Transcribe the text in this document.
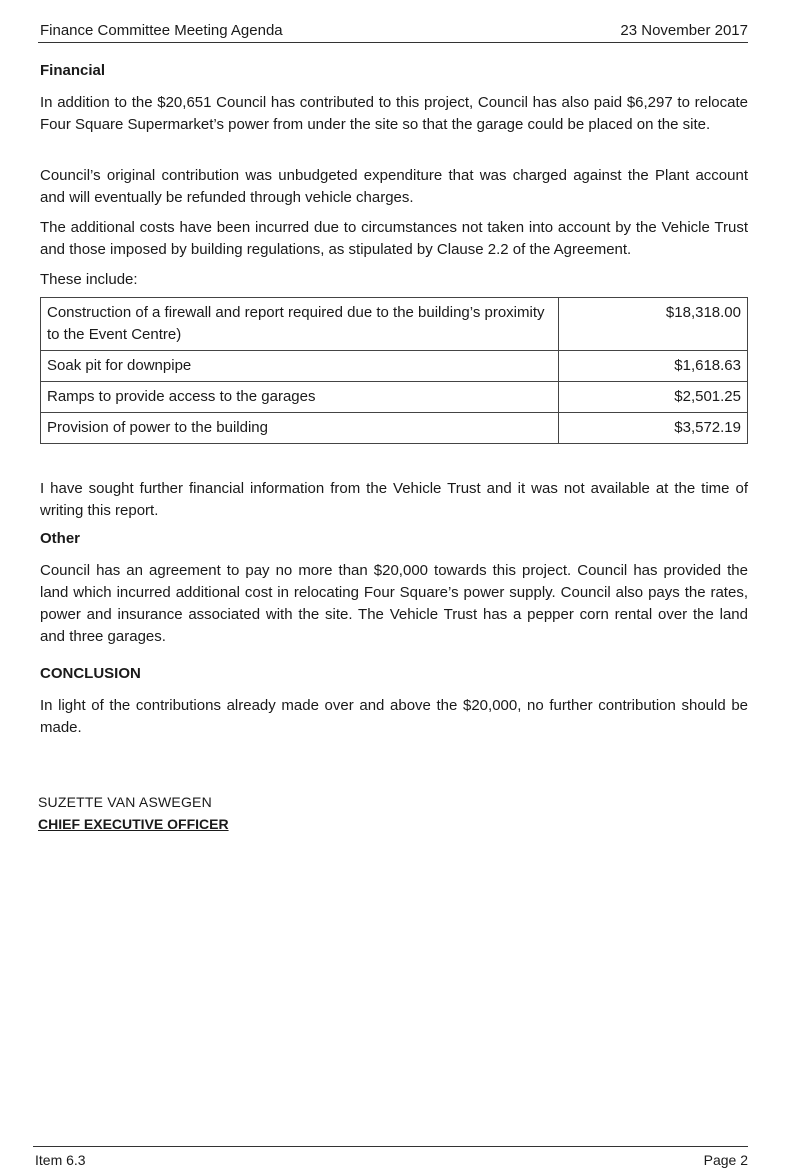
Finance Committee Meeting Agenda	23 November 2017
Financial

In addition to the $20,651 Council has contributed to this project, Council has also paid $6,297 to relocate Four Square Supermarket’s power from under the site so that the garage could be placed on the site.

Council’s original contribution was unbudgeted expenditure that was charged against the Plant account and will eventually be refunded through vehicle charges.

The additional costs have been incurred due to circumstances not taken into account by the Vehicle Trust and those imposed by building regulations, as stipulated by Clause 2.2 of the Agreement.

These include:

Construction of a firewall and report required due to the building’s proximity to the Event Centre)	$18,318.00
Soak pit for downpipe	$1,618.63
Ramps to provide access to the garages	$2,501.25
Provision of power to the building	$3,572.19

I have sought further financial information from the Vehicle Trust and it was not available at the time of writing this report.

Other

Council has an agreement to pay no more than $20,000 towards this project. Council has provided the land which incurred additional cost in relocating Four Square’s power supply. Council also pays the rates, power and insurance associated with the site. The Vehicle Trust has a pepper corn rental over the land and three garages.

CONCLUSION

In light of the contributions already made over and above the $20,000, no further contribution should be made.

SUZETTE VAN ASWEGEN
CHIEF EXECUTIVE OFFICER
Item 6.3	Page 2
